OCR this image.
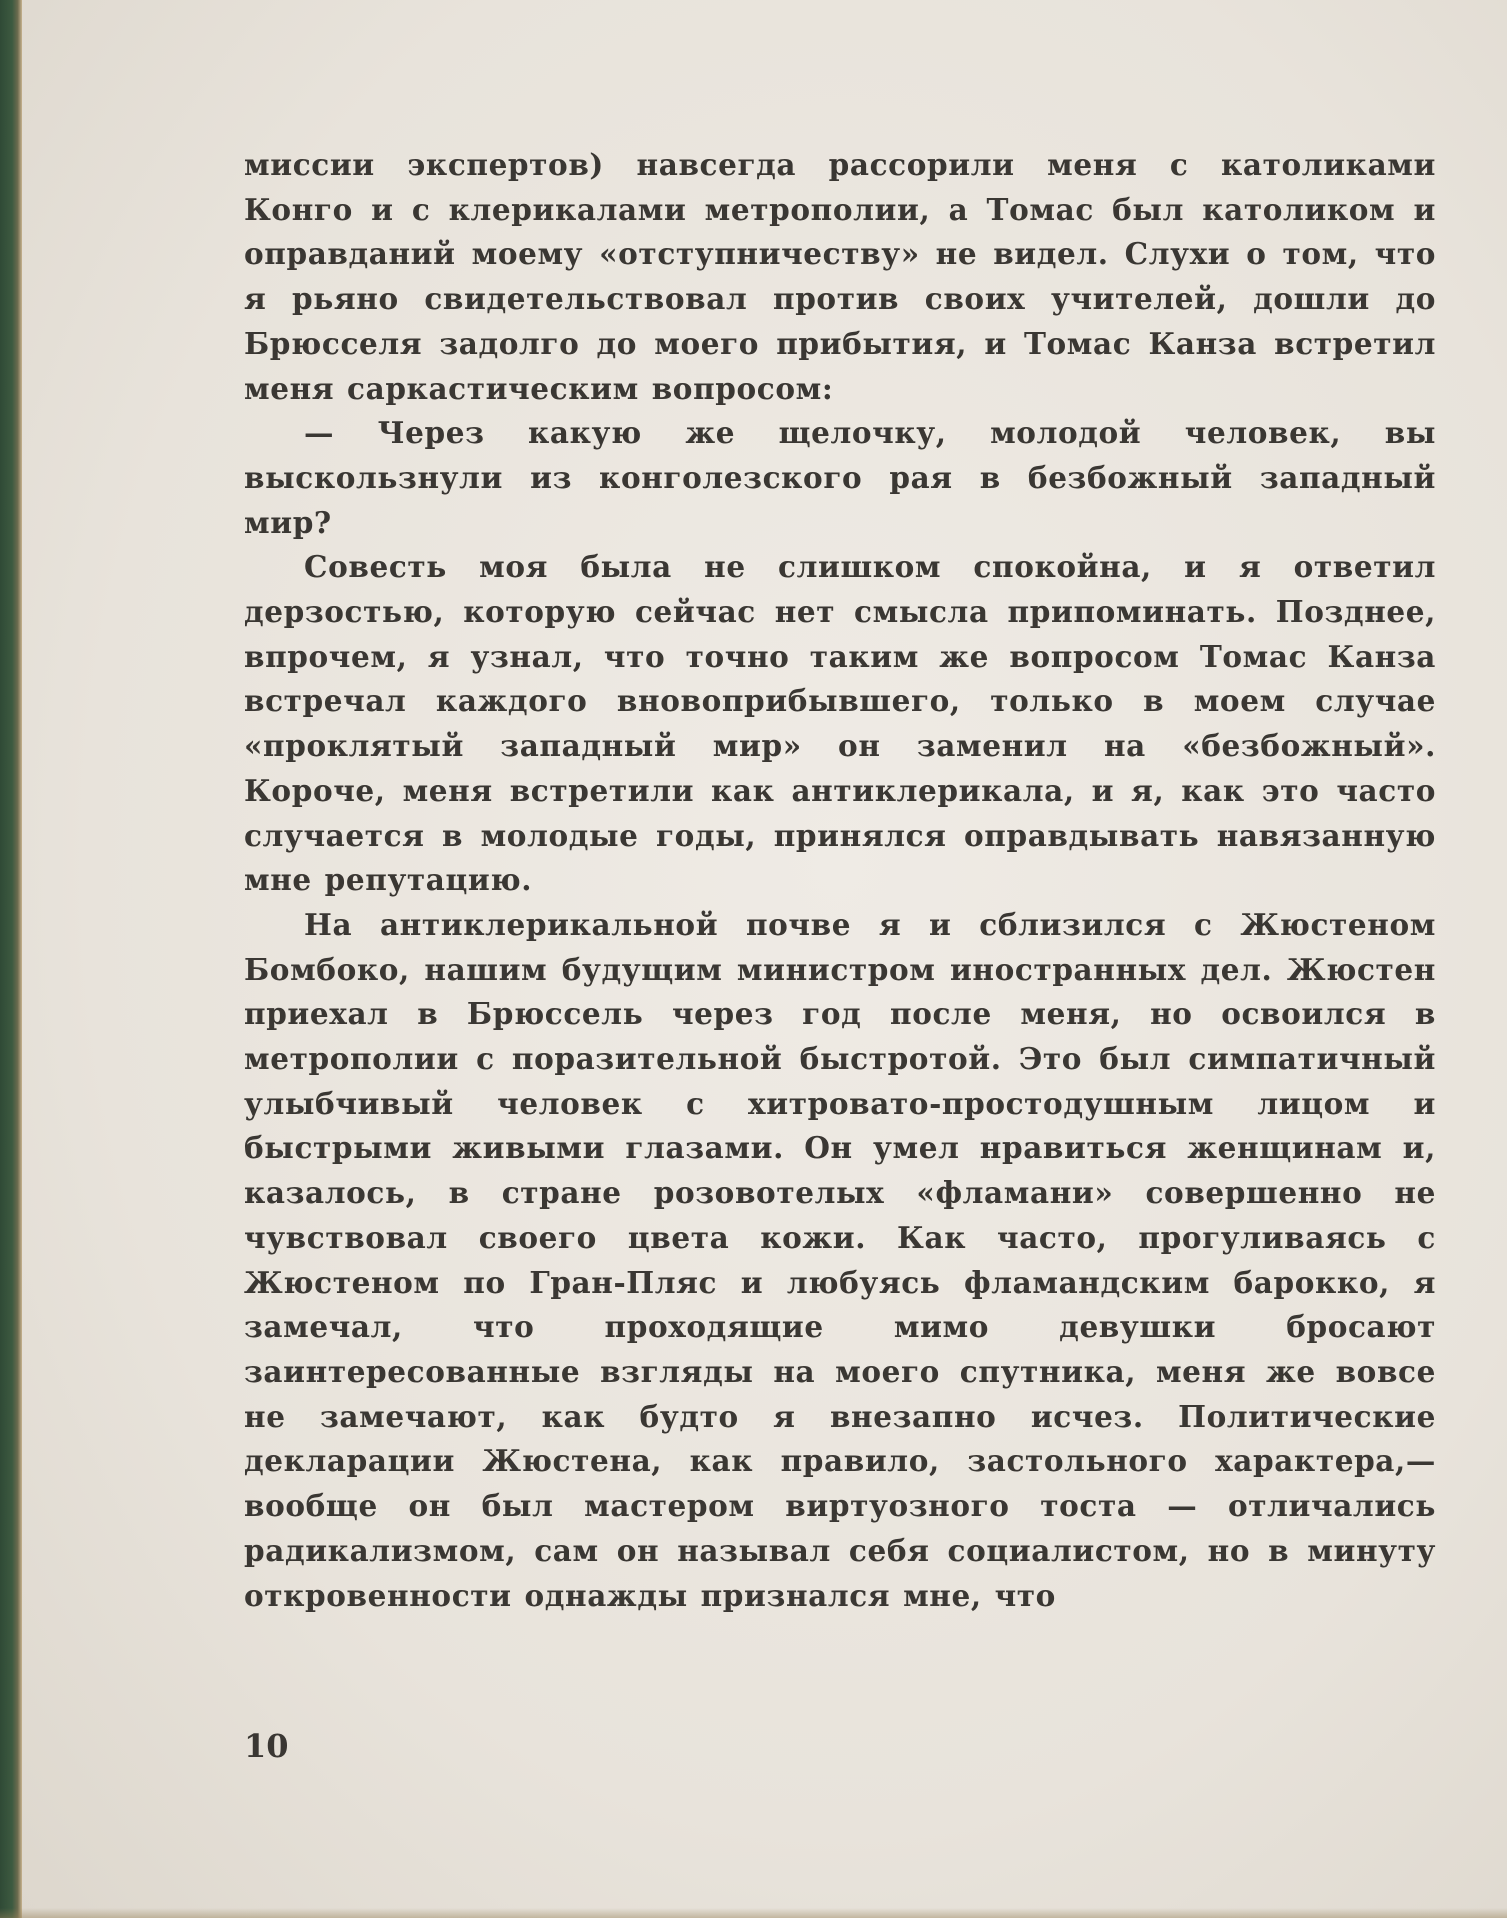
миссии экспертов) навсегда рассорили меня с католиками Конго и с клерикалами метрополии, а Томас был католиком и оправданий моему «отступничеству» не видел. Слухи о том, что я рьяно свидетельствовал против своих учителей, дошли до Брюсселя задолго до моего прибытия, и Томас Канза встретил меня саркастическим вопросом:

— Через какую же щелочку, молодой человек, вы выскользнули из конголезского рая в безбожный западный мир?

Совесть моя была не слишком спокойна, и я ответил дерзостью, которую сейчас нет смысла припоминать. Позднее, впрочем, я узнал, что точно таким же вопросом Томас Канза встречал каждого вновоприбывшего, только в моем случае «проклятый западный мир» он заменил на «безбожный». Короче, меня встретили как антиклерикала, и я, как это часто случается в молодые годы, принялся оправдывать навязанную мне репутацию.

На антиклерикальной почве я и сблизился с Жюстеном Бомбоко, нашим будущим министром иностранных дел. Жюстен приехал в Брюссель через год после меня, но освоился в метрополии с поразительной быстротой. Это был симпатичный улыбчивый человек с хитровато-простодушным лицом и быстрыми живыми глазами. Он умел нравиться женщинам и, казалось, в стране розовотелых «фламани» совершенно не чувствовал своего цвета кожи. Как часто, прогуливаясь с Жюстеном по Гран-Пляс и любуясь фламандским барокко, я замечал, что проходящие мимо девушки бросают заинтересованные взгляды на моего спутника, меня же вовсе не замечают, как будто я внезапно исчез. Политические декларации Жюстена, как правило, застольного характера,— вообще он был мастером виртуозного тоста — отличались радикализмом, сам он называл себя социалистом, но в минуту откровенности однажды признался мне, что

10
